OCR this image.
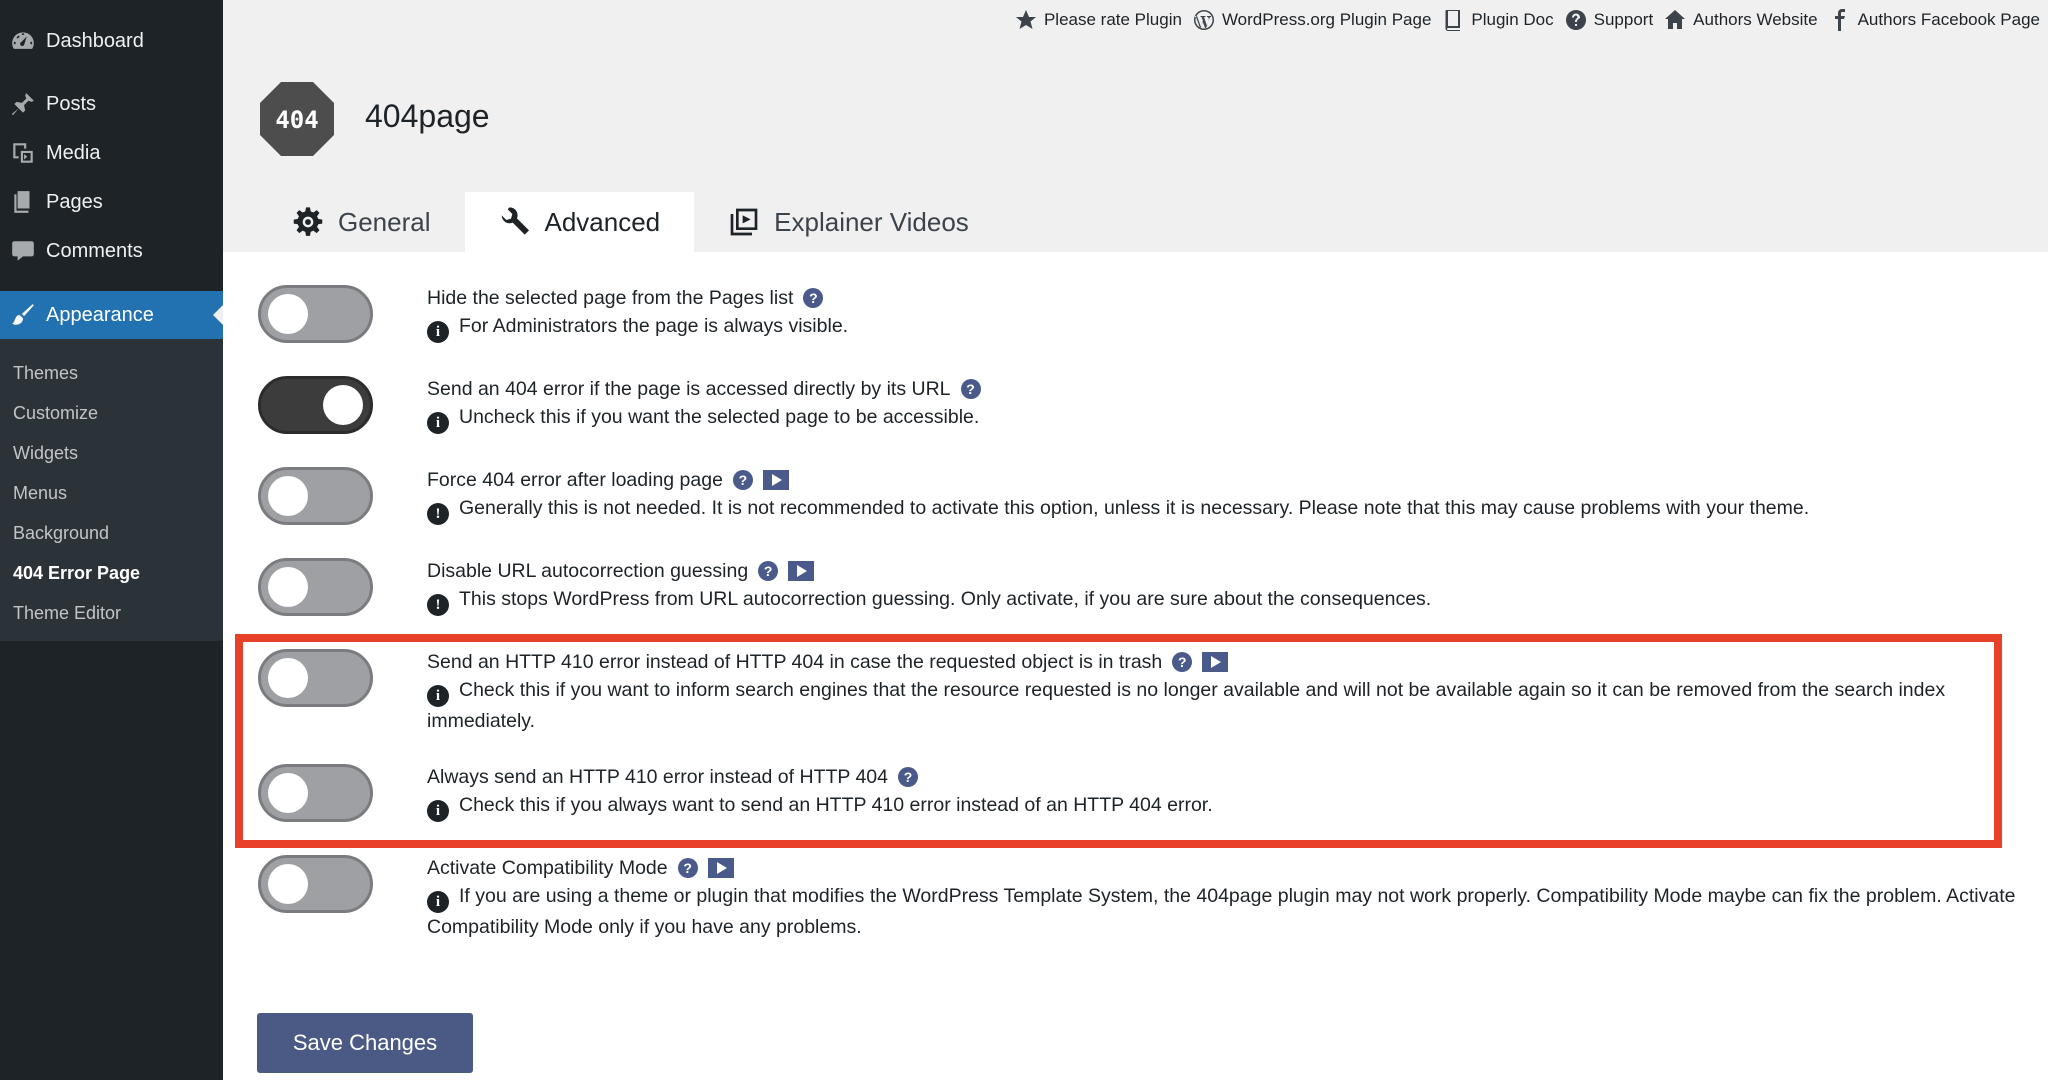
Dashboard
Posts
Media
Pages
Comments
Appearance
Themes
Customize
Widgets
Menus
Background
404 Error Page
Theme Editor
Please rate Plugin WordPress.org Plugin Page Plugin Doc Support Authors Website Authors Facebook Page
404 404page
General	Advanced	Explainer Videos
Hide the selected page from the Pages list	?
i For Administrators the page is always visible.
Send an 404 error if the page is accessed directly by its URL	?
i Uncheck this if you want the selected page to be accessible.
Force 404 error after loading page	?
! Generally this is not needed. It is not recommended to activate this option, unless it is necessary. Please note that this may cause problems with your theme.
Disable URL autocorrection guessing	?
! This stops WordPress from URL autocorrection guessing. Only activate, if you are sure about the consequences.
Send an HTTP 410 error instead of HTTP 404 in case the requested object is in trash	?
i Check this if you want to inform search engines that the resource requested is no longer available and will not be available again so it can be removed from the search index immediately.
Always send an HTTP 410 error instead of HTTP 404	?
i Check this if you always want to send an HTTP 410 error instead of an HTTP 404 error.
Activate Compatibility Mode	?
i If you are using a theme or plugin that modifies the WordPress Template System, the 404page plugin may not work properly. Compatibility Mode maybe can fix the problem. Activate Compatibility Mode only if you have any problems.
Save Changes
